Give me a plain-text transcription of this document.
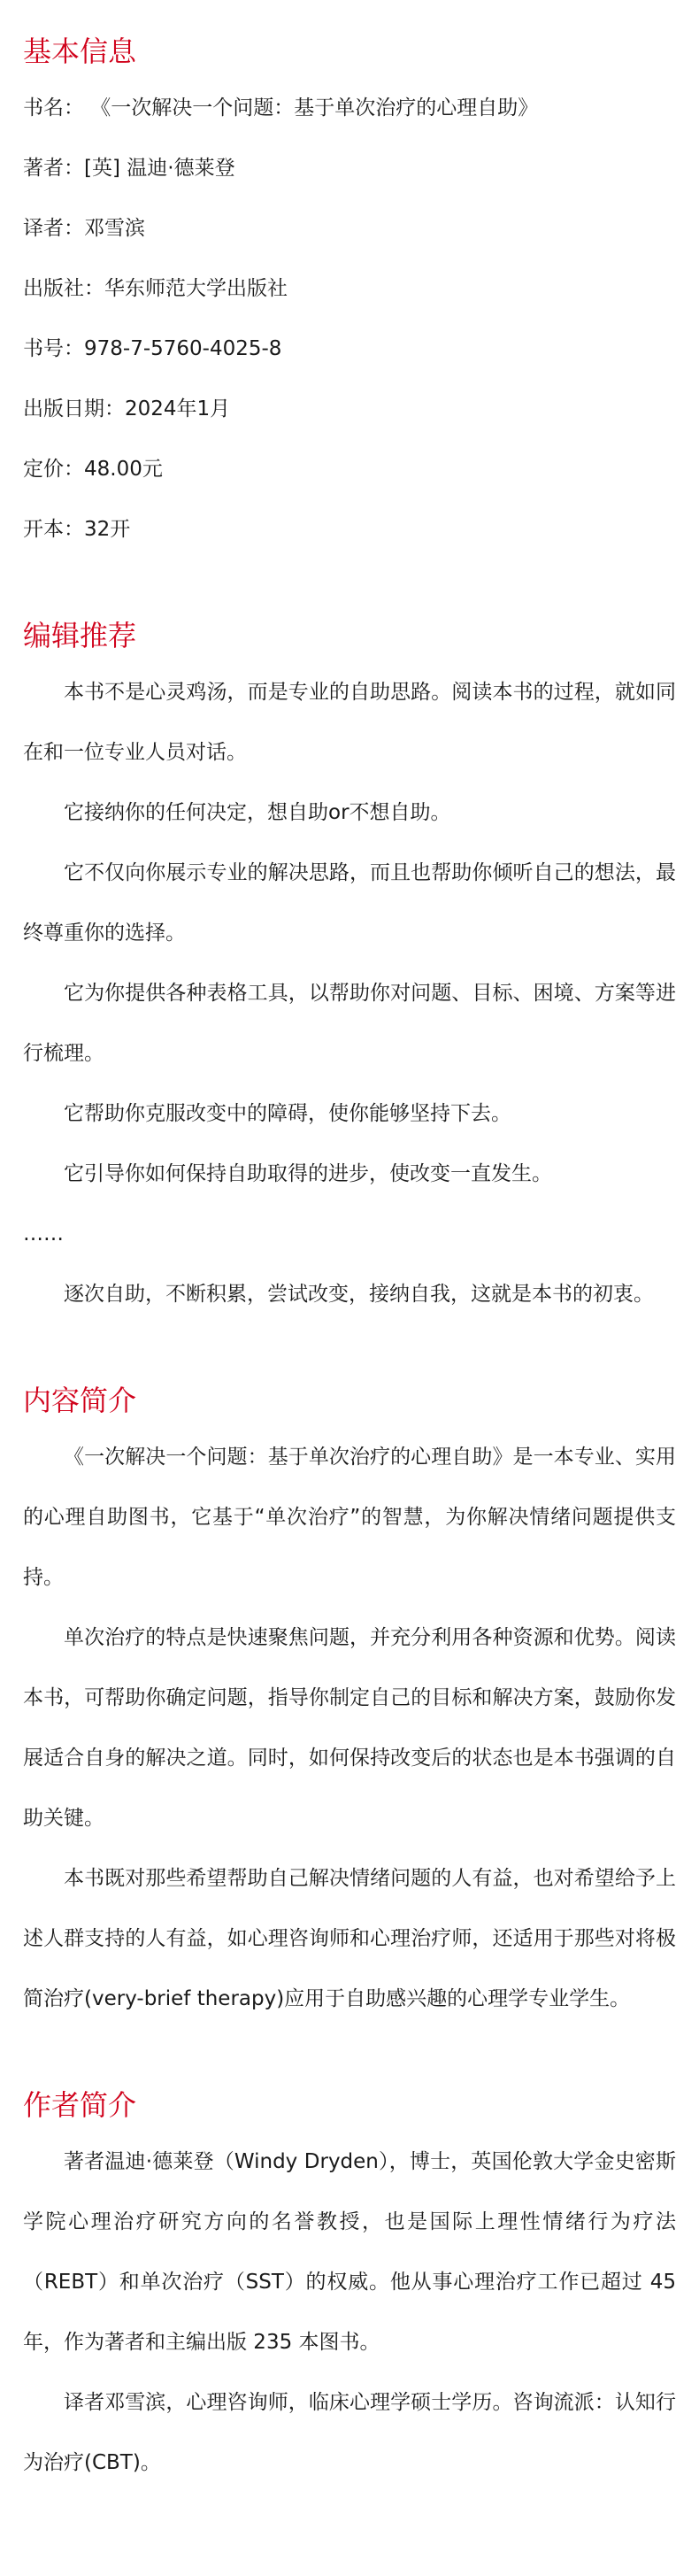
基本信息

书名： 《一次解决一个问题：基于单次治疗的心理自助》

著者：[英] 温迪·德莱登

译者：邓雪滨

出版社：华东师范大学出版社

书号：978-7-5760-4025-8

出版日期：2024年1月

定价：48.00元

开本：32开

编辑推荐

本书不是心灵鸡汤，而是专业的自助思路。阅读本书的过程，就如同在和一位专业人员对话。

它接纳你的任何决定，想自助or不想自助。

它不仅向你展示专业的解决思路，而且也帮助你倾听自己的想法，最终尊重你的选择。

它为你提供各种表格工具，以帮助你对问题、目标、困境、方案等进行梳理。

它帮助你克服改变中的障碍，使你能够坚持下去。

它引导你如何保持自助取得的进步，使改变一直发生。

……

逐次自助，不断积累，尝试改变，接纳自我，这就是本书的初衷。

内容简介

《一次解决一个问题：基于单次治疗的心理自助》是一本专业、实用的心理自助图书，它基于“单次治疗”的智慧，为你解决情绪问题提供支持。

单次治疗的特点是快速聚焦问题，并充分利用各种资源和优势。阅读本书，可帮助你确定问题，指导你制定自己的目标和解决方案，鼓励你发展适合自身的解决之道。同时，如何保持改变后的状态也是本书强调的自助关键。

本书既对那些希望帮助自己解决情绪问题的人有益，也对希望给予上述人群支持的人有益，如心理咨询师和心理治疗师，还适用于那些对将极简治疗(very-brief therapy)应用于自助感兴趣的心理学专业学生。

作者简介

著者温迪·德莱登（Windy Dryden），博士，英国伦敦大学金史密斯学院心理治疗研究方向的名誉教授，也是国际上理性情绪行为疗法（REBT）和单次治疗（SST）的权威。他从事心理治疗工作已超过 45 年，作为著者和主编出版 235 本图书。

译者邓雪滨，心理咨询师，临床心理学硕士学历。咨询流派：认知行为治疗(CBT)。
